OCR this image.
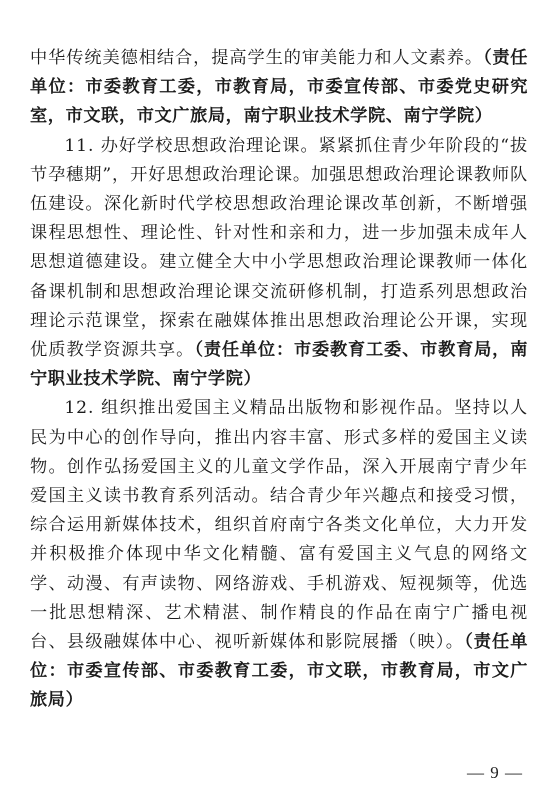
中华传统美德相结合，提高学生的审美能力和人文素养。（责任单位：市委教育工委，市教育局，市委宣传部、市委党史研究室，市文联，市文广旅局，南宁职业技术学院、南宁学院）

11. 办好学校思想政治理论课。紧紧抓住青少年阶段的“拔节孕穗期”，开好思想政治理论课。加强思想政治理论课教师队伍建设。深化新时代学校思想政治理论课改革创新，不断增强课程思想性、理论性、针对性和亲和力，进一步加强未成年人思想道德建设。建立健全大中小学思想政治理论课教师一体化备课机制和思想政治理论课交流研修机制，打造系列思想政治理论示范课堂，探索在融媒体推出思想政治理论公开课，实现优质教学资源共享。（责任单位：市委教育工委、市教育局，南宁职业技术学院、南宁学院）

12. 组织推出爱国主义精品出版物和影视作品。坚持以人民为中心的创作导向，推出内容丰富、形式多样的爱国主义读物。创作弘扬爱国主义的儿童文学作品，深入开展南宁青少年爱国主义读书教育系列活动。结合青少年兴趣点和接受习惯，综合运用新媒体技术，组织首府南宁各类文化单位，大力开发并积极推介体现中华文化精髓、富有爱国主义气息的网络文学、动漫、有声读物、网络游戏、手机游戏、短视频等，优选一批思想精深、艺术精湛、制作精良的作品在南宁广播电视台、县级融媒体中心、视听新媒体和影院展播（映）。（责任单位：市委宣传部、市委教育工委，市文联，市教育局，市文广旅局）

— 9 —
